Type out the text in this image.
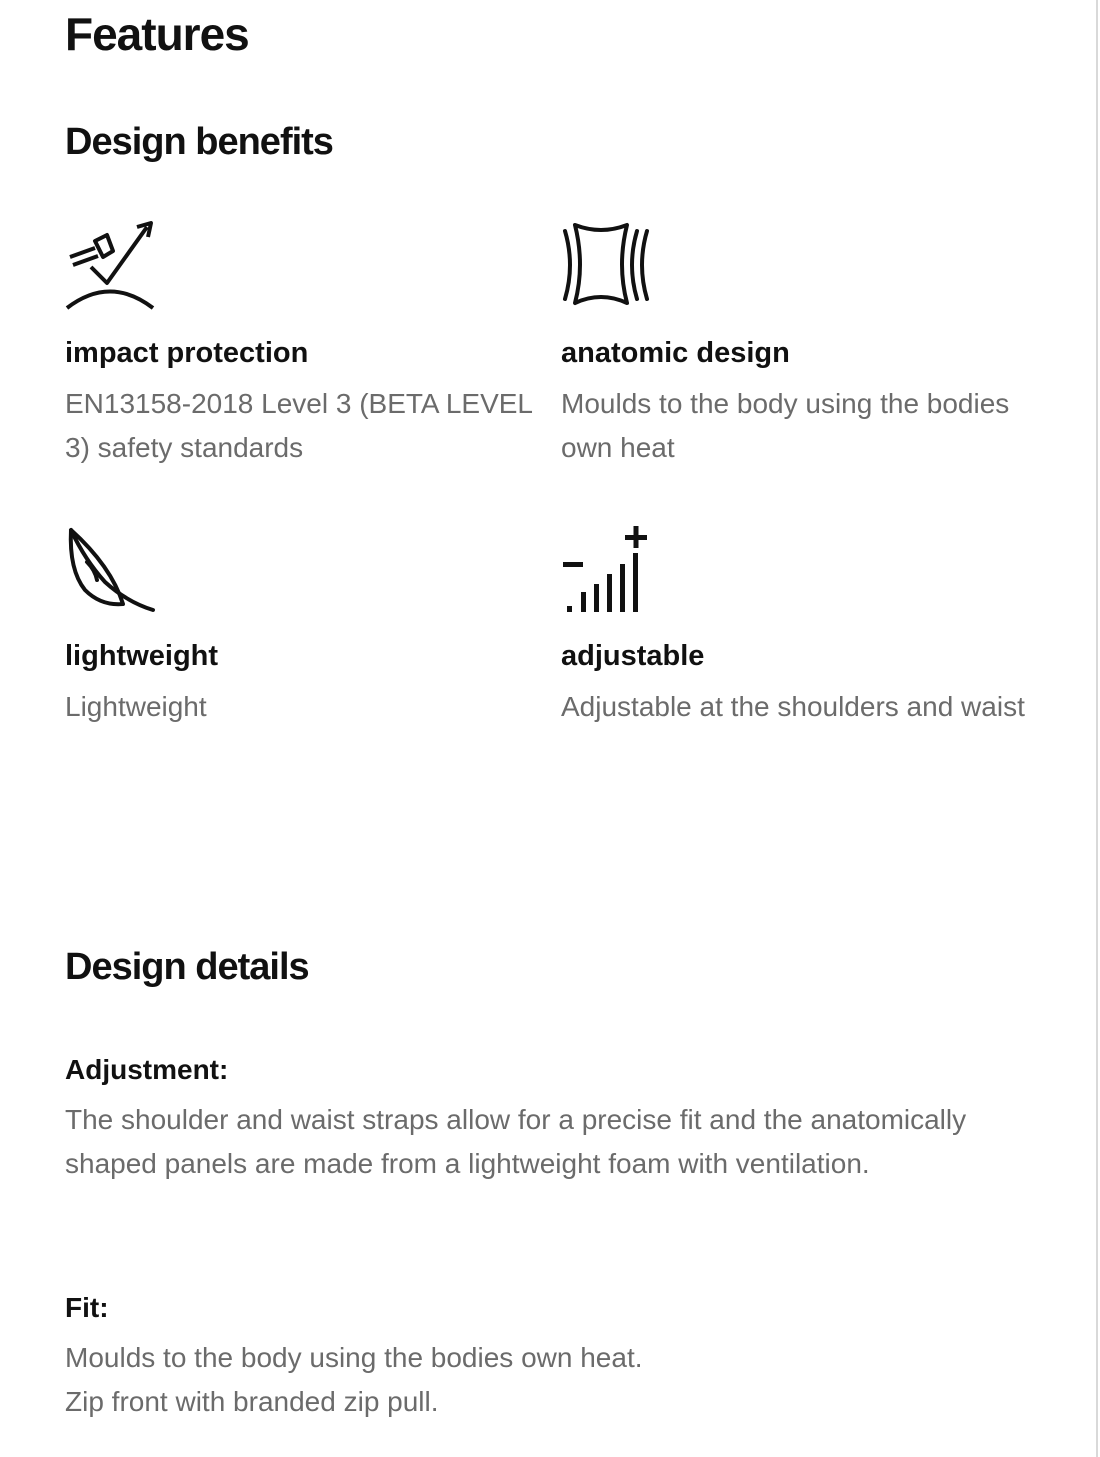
Features
Design benefits
impact protection
EN13158-2018 Level 3 (BETA LEVEL 3) safety standards
anatomic design
Moulds to the body using the bodies own heat
lightweight
Lightweight
adjustable
Adjustable at the shoulders and waist
Design details
Adjustment:
The shoulder and waist straps allow for a precise fit and the anatomically shaped panels are made from a lightweight foam with ventilation.
Fit:
Moulds to the body using the bodies own heat.
Zip front with branded zip pull.
